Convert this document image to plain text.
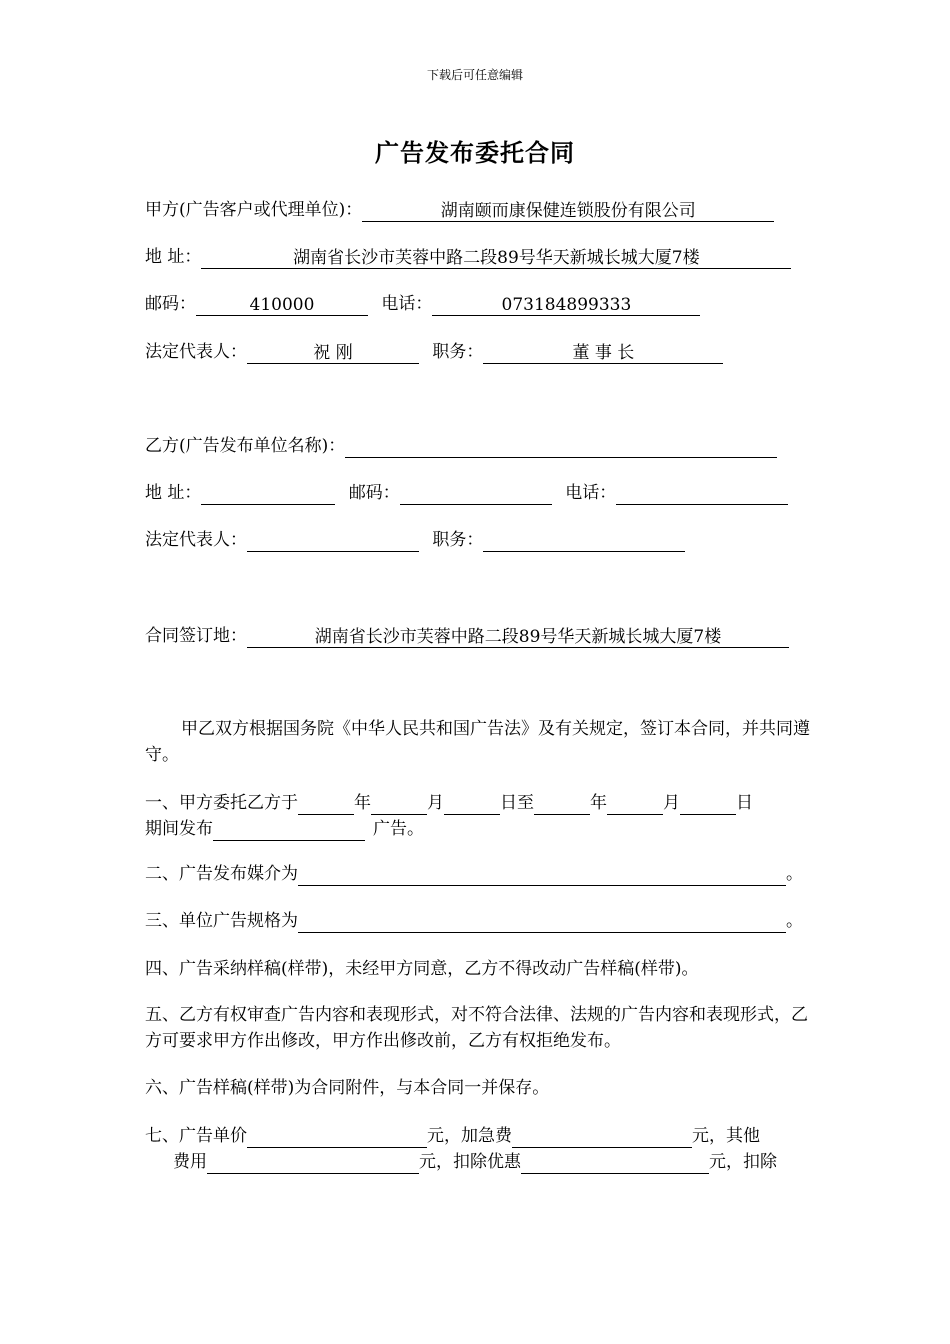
下载后可任意编辑
广告发布委托合同
甲方(广告客户或代理单位)：	湖南颐而康保健连锁股份有限公司
地 址：	湖南省长沙市芙蓉中路二段89号华天新城长城大厦7楼
邮码：	410000	电话：	073184899333
法定代表人：	祝 刚	职务：	董 事 长
乙方(广告发布单位名称)：
地 址：	邮码：	电话：
法定代表人：	职务：
合同签订地：	湖南省长沙市芙蓉中路二段89号华天新城长城大厦7楼
甲乙双方根据国务院《中华人民共和国广告法》及有关规定，签订本合同，并共同遵守。
一、甲方委托乙方于	年	月	日至	年	月	日
期间发布	广告。
二、广告发布媒介为	。
三、单位广告规格为	。
四、广告采纳样稿(样带)，未经甲方同意，乙方不得改动广告样稿(样带)。
五、乙方有权审查广告内容和表现形式，对不符合法律、法规的广告内容和表现形式，乙方可要求甲方作出修改，甲方作出修改前，乙方有权拒绝发布。
六、广告样稿(样带)为合同附件，与本合同一并保存。
七、广告单价	元，加急费	元，其他
费用	元，扣除优惠	元，扣除
